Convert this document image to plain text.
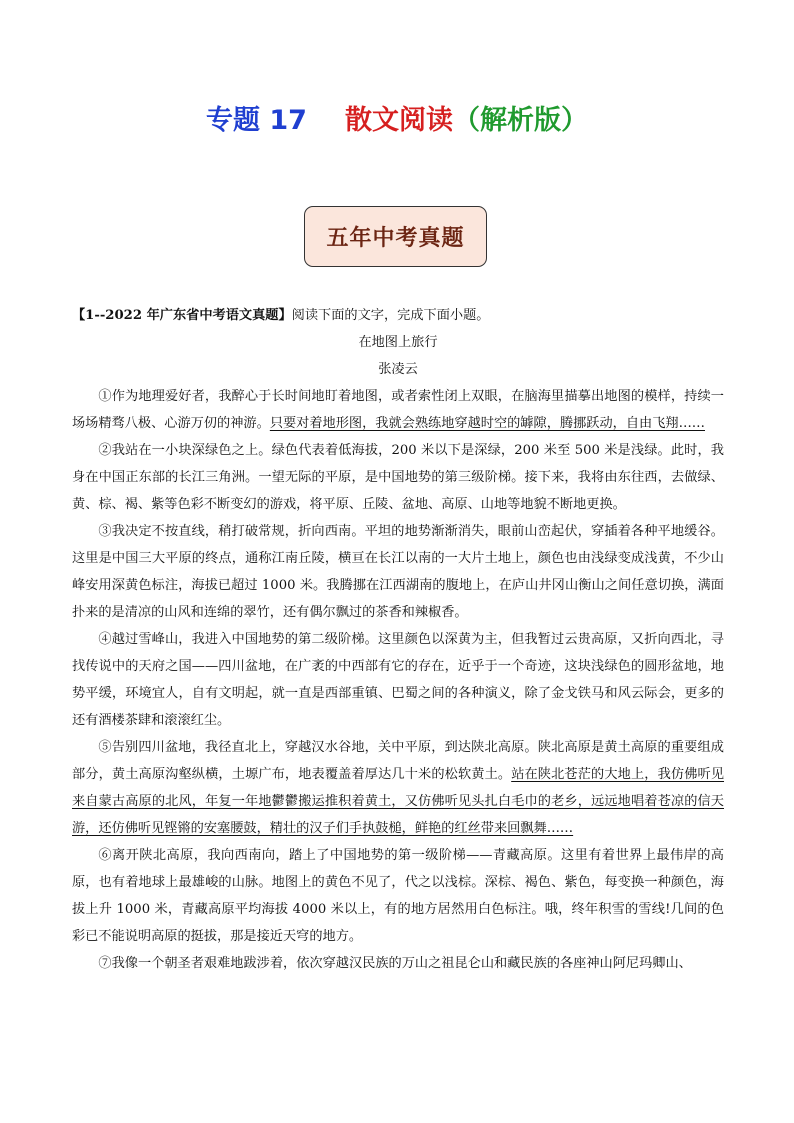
专题 17 散文阅读（解析版）
五年中考真题

【1--2022 年广东省中考语文真题】阅读下面的文字，完成下面小题。

在地图上旅行

张凌云

①作为地理爱好者，我醉心于长时间地盯着地图，或者索性闭上双眼，在脑海里描摹出地图的模样，持续一场场精骛八极、心游万仞的神游。只要对着地形图，我就会熟练地穿越时空的罅隙，腾挪跃动，自由飞翔……

②我站在一小块深绿色之上。绿色代表着低海拔，200 米以下是深绿，200 米至 500 米是浅绿。此时，我身在中国正东部的长江三角洲。一望无际的平原，是中国地势的第三级阶梯。接下来，我将由东往西，去做绿、黄、棕、褐、紫等色彩不断变幻的游戏，将平原、丘陵、盆地、高原、山地等地貌不断地更换。

③我决定不按直线，稍打破常规，折向西南。平坦的地势渐渐消失，眼前山峦起伏，穿插着各种平地缓谷。这里是中国三大平原的终点，通称江南丘陵，横亘在长江以南的一大片土地上，颜色也由浅绿变成浅黄，不少山峰安用深黄色标注，海拔已超过 1000 米。我腾挪在江西湖南的腹地上，在庐山井冈山衡山之间任意切换，满面扑来的是清凉的山风和连绵的翠竹，还有偶尔飘过的茶香和辣椒香。

④越过雪峰山，我进入中国地势的第二级阶梯。这里颜色以深黄为主，但我暂过云贵高原，又折向西北，寻找传说中的天府之国——四川盆地，在广袤的中西部有它的存在，近乎于一个奇迹，这块浅绿色的圆形盆地，地势平缓，环境宜人，自有文明起，就一直是西部重镇、巴蜀之间的各种演义，除了金戈铁马和风云际会，更多的还有酒楼茶肆和滚滚红尘。

⑤告别四川盆地，我径直北上，穿越汉水谷地，关中平原，到达陕北高原。陕北高原是黄土高原的重要组成部分，黄土高原沟壑纵横，土塬广布，地表覆盖着厚达几十米的松软黄土。站在陕北苍茫的大地上，我仿佛听见来自蒙古高原的北风，年复一年地鬱鬱搬运推积着黄土，又仿佛听见头扎白毛巾的老乡，远远地唱着苍凉的信天游，还仿佛听见铿锵的安塞腰鼓，精壮的汉子们手执鼓槌，鲜艳的红丝带来回飘舞……

⑥离开陕北高原，我向西南向，踏上了中国地势的第一级阶梯——青藏高原。这里有着世界上最伟岸的高原，也有着地球上最雄峻的山脉。地图上的黄色不见了，代之以浅棕。深棕、褐色、紫色，每变换一种颜色，海拔上升 1000 米，青藏高原平均海拔 4000 米以上，有的地方居然用白色标注。哦，终年积雪的雪线!几间的色彩已不能说明高原的挺拔，那是接近天穹的地方。

⑦我像一个朝圣者艰难地跋涉着，依次穿越汉民族的万山之祖昆仑山和藏民族的各座神山阿尼玛卿山、
